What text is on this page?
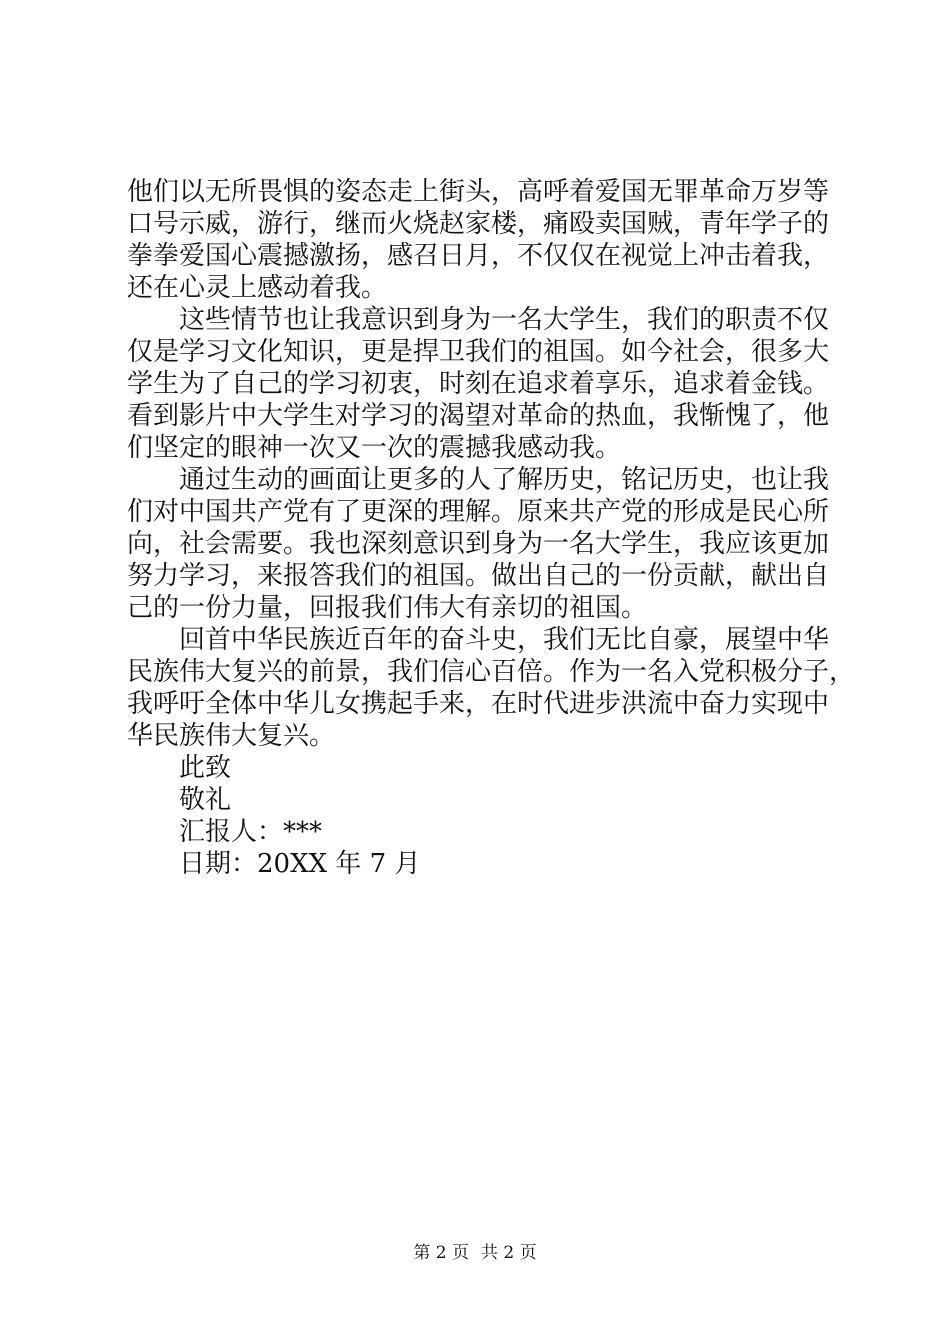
他们以无所畏惧的姿态走上街头，高呼着爱国无罪革命万岁等
口号示威，游行，继而火烧赵家楼，痛殴卖国贼，青年学子的
拳拳爱国心震撼激扬，感召日月，不仅仅在视觉上冲击着我，
还在心灵上感动着我。
这些情节也让我意识到身为一名大学生，我们的职责不仅
仅是学习文化知识，更是捍卫我们的祖国。如今社会，很多大
学生为了自己的学习初衷，时刻在追求着享乐，追求着金钱。
看到影片中大学生对学习的渴望对革命的热血，我惭愧了，他
们坚定的眼神一次又一次的震撼我感动我。
通过生动的画面让更多的人了解历史，铭记历史，也让我
们对中国共产党有了更深的理解。原来共产党的形成是民心所
向，社会需要。我也深刻意识到身为一名大学生，我应该更加
努力学习，来报答我们的祖国。做出自己的一份贡献，献出自
己的一份力量，回报我们伟大有亲切的祖国。
回首中华民族近百年的奋斗史，我们无比自豪，展望中华
民族伟大复兴的前景，我们信心百倍。作为一名入党积极分子，
我呼吁全体中华儿女携起手来，在时代进步洪流中奋力实现中
华民族伟大复兴。
此致
敬礼
汇报人：***
日期：20XX 年 7 月
第 2 页 共 2 页
